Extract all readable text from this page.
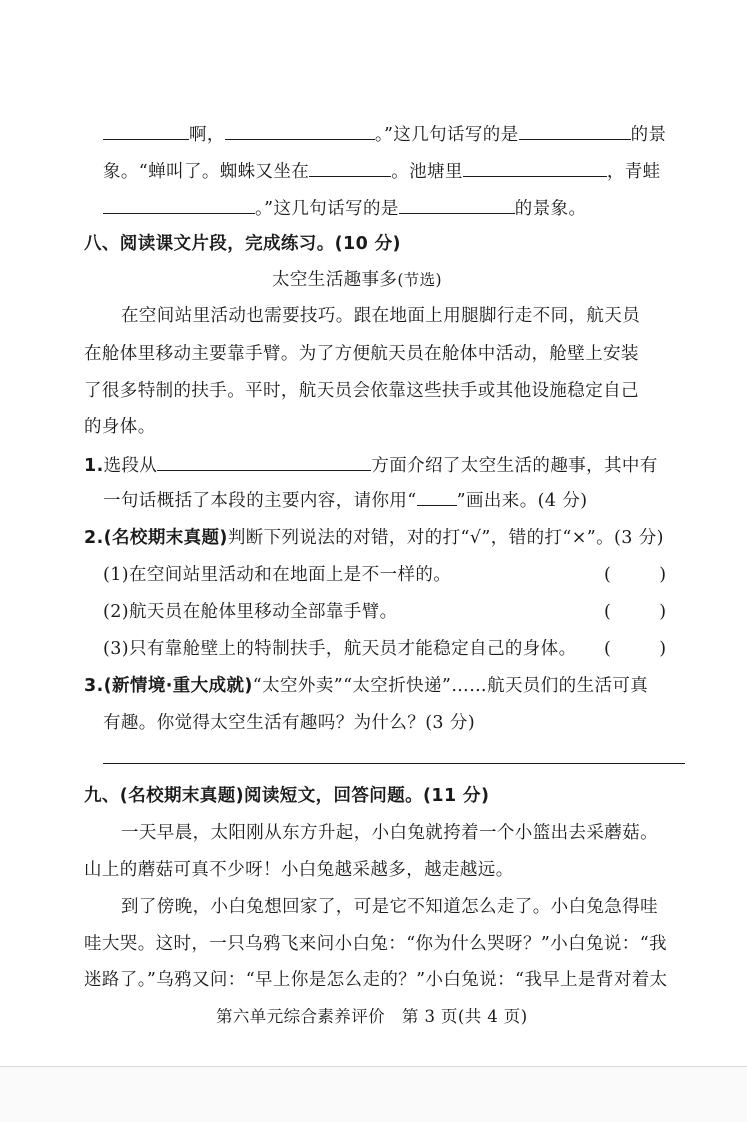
啊，	。”这几句话写的是	的景
象。“蝉叫了。蜘蛛又坐在	。池塘里	，青蛙
。”这几句话写的是	的景象。
八、阅读课文片段，完成练习。(10 分)
太空生活趣事多(节选)
在空间站里活动也需要技巧。跟在地面上用腿脚行走不同，航天员
在舱体里移动主要靠手臂。为了方便航天员在舱体中活动，舱壁上安装
了很多特制的扶手。平时，航天员会依靠这些扶手或其他设施稳定自己
的身体。
1.选段从	方面介绍了太空生活的趣事，其中有
一句话概括了本段的主要内容，请你用“ ”画出来。(4 分)
2.(名校期末真题)判断下列说法的对错，对的打“√”，错的打“×”。(3 分)
(1)在空间站里活动和在地面上是不一样的。	(	)
(2)航天员在舱体里移动全部靠手臂。	(	)
(3)只有靠舱壁上的特制扶手，航天员才能稳定自己的身体。 (	)
3.(新情境·重大成就)“太空外卖”“太空折快递”……航天员们的生活可真
有趣。你觉得太空生活有趣吗？为什么？(3 分)
九、(名校期末真题)阅读短文，回答问题。(11 分)
一天早晨，太阳刚从东方升起，小白兔就挎着一个小篮出去采蘑菇。
山上的蘑菇可真不少呀！小白兔越采越多，越走越远。
到了傍晚，小白兔想回家了，可是它不知道怎么走了。小白兔急得哇
哇大哭。这时，一只乌鸦飞来问小白兔：“你为什么哭呀？”小白兔说：“我
迷路了。”乌鸦又问：“早上你是怎么走的？”小白兔说：“我早上是背对着太
第六单元综合素养评价　第 3 页(共 4 页)
